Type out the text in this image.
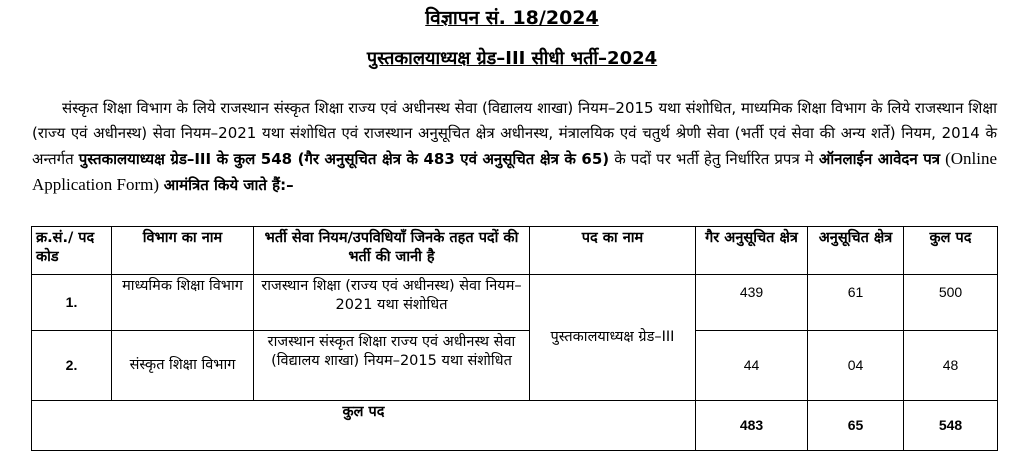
विज्ञापन सं. 18/2024
पुस्तकालयाध्यक्ष ग्रेड–III सीधी भर्ती–2024
संस्कृत शिक्षा विभाग के लिये राजस्थान संस्कृत शिक्षा राज्य एवं अधीनस्थ सेवा (विद्यालय शाखा) नियम–2015 यथा संशोधित, माध्यमिक शिक्षा विभाग के लिये राजस्थान शिक्षा (राज्य एवं अधीनस्थ) सेवा नियम–2021 यथा संशोधित एवं राजस्थान अनुसूचित क्षेत्र अधीनस्थ, मंत्रालयिक एवं चतुर्थ श्रेणी सेवा (भर्ती एवं सेवा की अन्य शर्ते) नियम, 2014 के अन्तर्गत पुस्तकालयाध्यक्ष ग्रेड–III के कुल 548 (गैर अनुसूचित क्षेत्र के 483 एवं अनुसूचित क्षेत्र के 65) के पदों पर भर्ती हेतु निर्धारित प्रपत्र मे ऑनलाईन आवेदन पत्र (Online Application Form) आमंत्रित किये जाते हैं:–
क्र.सं./ पद कोड	विभाग का नाम	भर्ती सेवा नियम/उपविधियॉं जिनके तहत पदों की भर्ती की जानी है	पद का नाम	गैर अनुसूचित क्षेत्र	अनुसूचित क्षेत्र	कुल पद
1.	माध्यमिक शिक्षा विभाग	राजस्थान शिक्षा (राज्य एवं अधीनस्थ) सेवा नियम–2021 यथा संशोधित	पुस्तकालयाध्यक्ष ग्रेड–III	439	61	500
2.	संस्कृत शिक्षा विभाग	राजस्थान संस्कृत शिक्षा राज्य एवं अधीनस्थ सेवा (विद्यालय शाखा) नियम–2015 यथा संशोधित		44	04	48
कुल पद				483	65	548
